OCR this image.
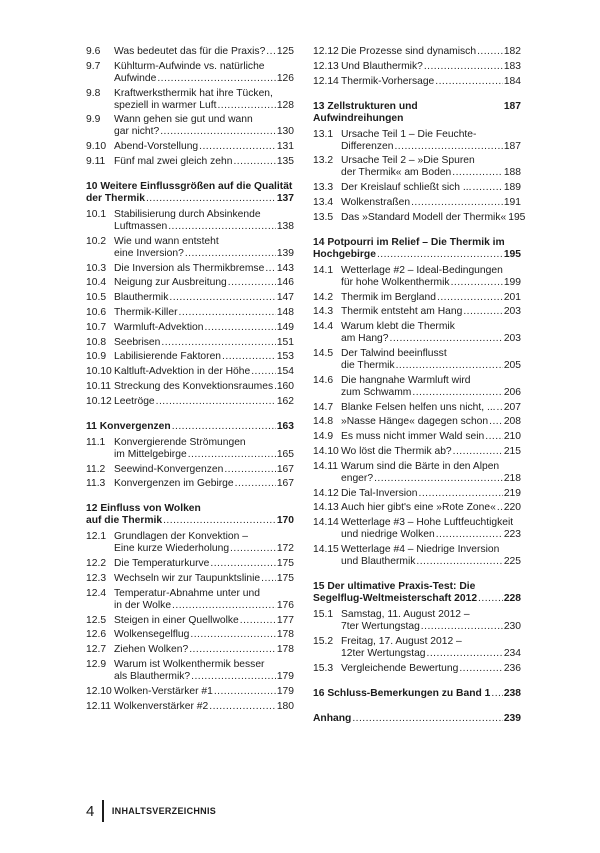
9.6 Was bedeutet das für die Praxis? . . . 125
9.7 Kühlturm-Aufwinde vs. natürliche
Aufwinde . . .	126
9.8 Kraftwerksthermik hat ihre Tücken,
speziell in warmer Luft . . .	128
9.9 Wann gehen sie gut und wann
gar nicht? . . .	130
9.10 Abend-Vorstellung . . .	131
9.11 Fünf mal zwei gleich zehn . . .	135
10 Weitere Einflussgrößen auf die Qualität
der Thermik . . .	137
10.1 Stabilisierung durch Absinkende
Luftmassen . . .	138
10.2 Wie und wann entsteht
eine Inversion? . . .	139
10.3 Die Inversion als Thermikbremse . . . 143
10.4 Neigung zur Ausbreitung . . .	146
10.5 Blauthermik . . .	147
10.6 Thermik-Killer . . .	148
10.7 Warmluft-Advektion . . .	149
10.8 Seebrisen . . .	151
10.9 Labilisierende Faktoren . . .	153
10.10 Kaltluft-Advektion in der Höhe . . .	154
10.11 Streckung des Konvektionsraumes . . . 160
10.12 Leetröge . . .	162
11 Konvergenzen . . .	163
11.1 Konvergierende Strömungen
im Mittelgebirge . . .	165
11.2 Seewind-Konvergenzen . . .	167
11.3 Konvergenzen im Gebirge . . .	167
12 Einfluss von Wolken
auf die Thermik . . .	170
12.1 Grundlagen der Konvektion –
Eine kurze Wiederholung . . .	172
12.2 Die Temperaturkurve . . .	175
12.3 Wechseln wir zur Taupunktslinie . . . 175
12.4 Temperatur-Abnahme unter und
in der Wolke . . .	176
12.5 Steigen in einer Quellwolke . . .	177
12.6 Wolkensegelflug . . .	178
12.7 Ziehen Wolken? . . .	178
12.9 Warum ist Wolkenthermik besser
als Blauthermik? . . .	179
12.10 Wolken-Verstärker #1 . . .	179
12.11 Wolkenverstärker #2 . . .	180
12.12 Die Prozesse sind dynamisch . . .	182
12.13 Und Blauthermik? . . .	183
12.14 Thermik-Vorhersage . . .	184
13 Zellstrukturen und Aufwindreihungen
187
13.1 Ursache Teil 1 – Die Feuchte-
Differenzen . . .	187
13.2 Ursache Teil 2 – »Die Spuren
der Thermik« am Boden . . .	188
13.3 Der Kreislauf schließt sich ... . . .	189
13.4 Wolkenstraßen . . .	191
13.5 Das »Standard Modell der Thermik« 195
14 Potpourri im Relief – Die Thermik im
Hochgebirge . . .	195
14.1 Wetterlage #2 – Ideal-Bedingungen
für hohe Wolkenthermik . . .	199
14.2 Thermik im Bergland . . .	201
14.3 Thermik entsteht am Hang . . .	203
14.4 Warum klebt die Thermik
am Hang? . . .	203
14.5 Der Talwind beeinflusst
die Thermik . . .	205
14.6 Die hangnahe Warmluft wird
zum Schwamm . . .	206
14.7 Blanke Felsen helfen uns nicht, ... . . . 207
14.8 »Nasse Hänge« dagegen schon . . . 208
14.9 Es muss nicht immer Wald sein . . . 210
14.10 Wo löst die Thermik ab? . . .	215
14.11 Warum sind die Bärte in den Alpen
enger? . . .	218
14.12 Die Tal-Inversion . . .	219
14.13 Auch hier gibt's eine »Rote Zone« . . . 220
14.14 Wetterlage #3 – Hohe Luftfeuchtigkeit
und niedrige Wolken . . .	223
14.15 Wetterlage #4 – Niedrige Inversion
und Blauthermik . . .	225
15 Der ultimative Praxis-Test: Die
Segelflug-Weltmeisterschaft 2012 . . .	228
15.1 Samstag, 11. August 2012 –
7ter Wertungstag . . .	230
15.2 Freitag, 17. August 2012 –
12ter Wertungstag . . .	234
15.3 Vergleichende Bewertung . . .	236
16 Schluss-Bemerkungen zu Band 1 . . . 238
Anhang . . .	239
4 INHALTSVERZEICHNIS
